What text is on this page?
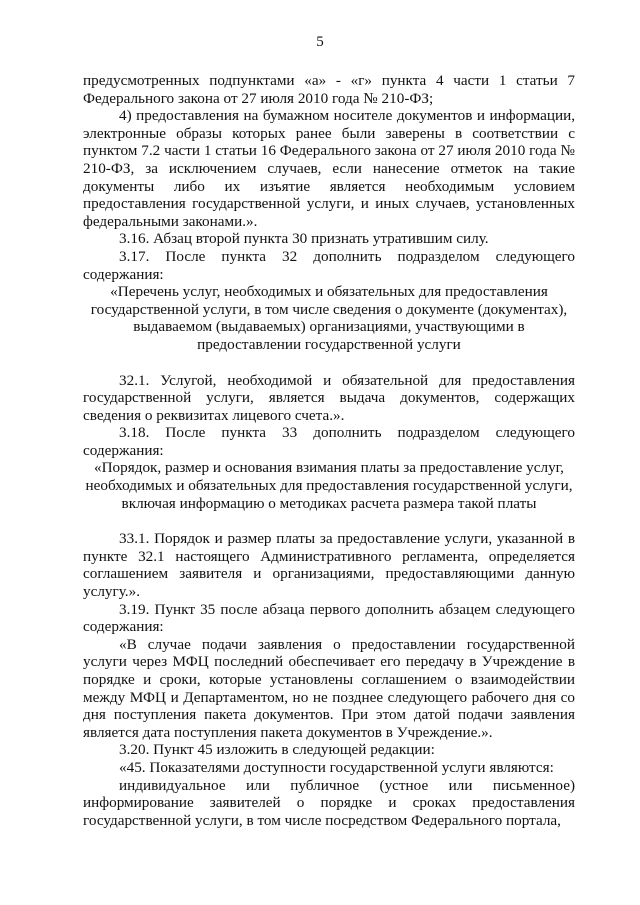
5

предусмотренных подпунктами «а» - «г» пункта 4 части 1 статьи 7 Федерального закона от 27 июля 2010 года № 210-ФЗ;

4) предоставления на бумажном носителе документов и информации, электронные образы которых ранее были заверены в соответствии с пунктом 7.2 части 1 статьи 16 Федерального закона от 27 июля 2010 года № 210-ФЗ, за исключением случаев, если нанесение отметок на такие документы либо их изъятие является необходимым условием предоставления государственной услуги, и иных случаев, установленных федеральными законами.».

3.16. Абзац второй пункта 30 признать утратившим силу.

3.17. После пункта 32 дополнить подразделом следующего содержания:

«Перечень услуг, необходимых и обязательных для предоставления государственной услуги, в том числе сведения о документе (документах), выдаваемом (выдаваемых) организациями, участвующими в предоставлении государственной услуги

32.1. Услугой, необходимой и обязательной для предоставления государственной услуги, является выдача документов, содержащих сведения о реквизитах лицевого счета.».

3.18. После пункта 33 дополнить подразделом следующего содержания:

«Порядок, размер и основания взимания платы за предоставление услуг, необходимых и обязательных для предоставления государственной услуги, включая информацию о методиках расчета размера такой платы

33.1. Порядок и размер платы за предоставление услуги, указанной в пункте 32.1 настоящего Административного регламента, определяется соглашением заявителя и организациями, предоставляющими данную услугу.».

3.19. Пункт 35 после абзаца первого дополнить абзацем следующего содержания:

«В случае подачи заявления о предоставлении государственной услуги через МФЦ последний обеспечивает его передачу в Учреждение в порядке и сроки, которые установлены соглашением о взаимодействии между МФЦ и Департаментом, но не позднее следующего рабочего дня со дня поступления пакета документов. При этом датой подачи заявления является дата поступления пакета документов в Учреждение.».

3.20. Пункт 45 изложить в следующей редакции:

«45. Показателями доступности государственной услуги являются:

индивидуальное или публичное (устное или письменное) информирование заявителей о порядке и сроках предоставления государственной услуги, в том числе посредством Федерального портала,
